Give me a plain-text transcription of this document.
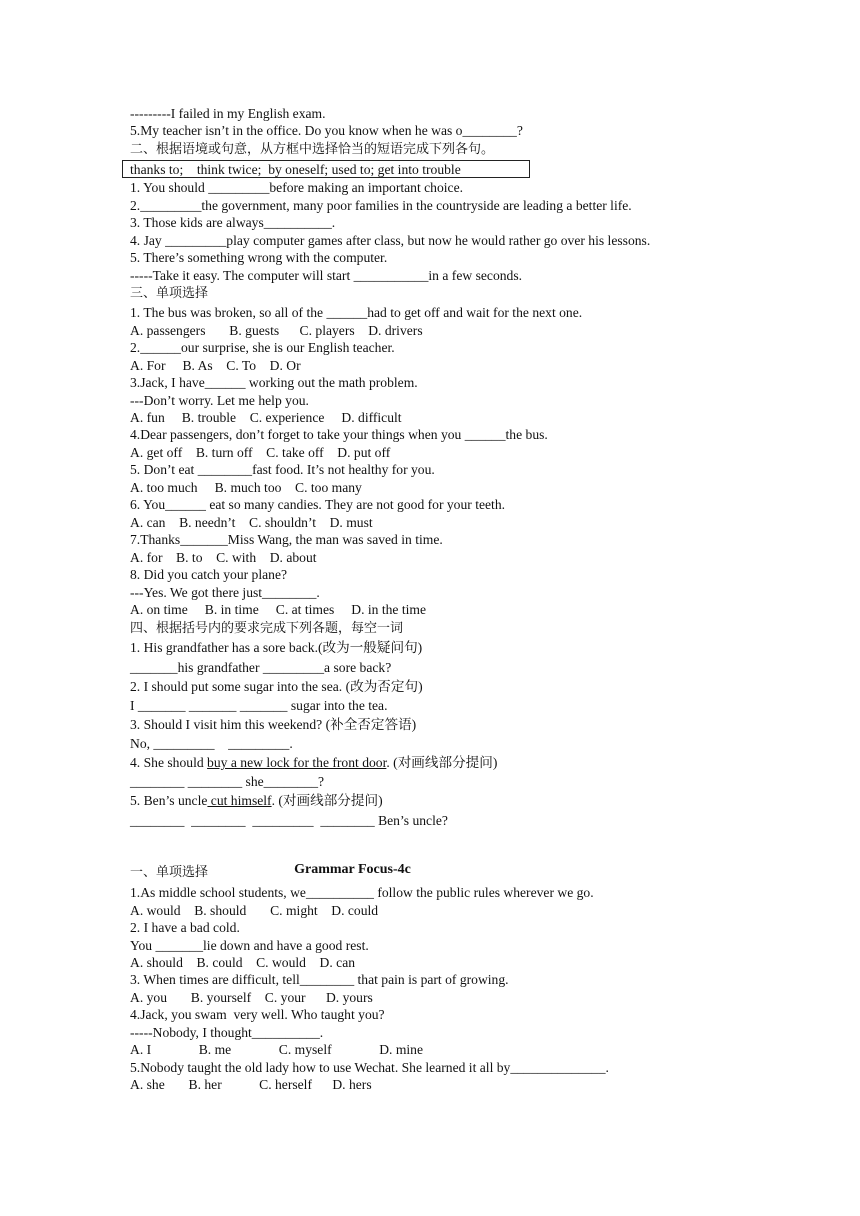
---------I failed in my English exam.

5.My teacher isn’t in the office. Do you know when he was o________?

二、根据语境或句意，从方框中选择恰当的短语完成下列各句。

thanks to;    think twice;  by oneself; used to; get into trouble

1. You should _________before making an important choice.

2._________the government, many poor families in the countryside are leading a better life.

3. Those kids are always__________.

4. Jay _________play computer games after class, but now he would rather go over his lessons.

5. There’s something wrong with the computer.

-----Take it easy. The computer will start ___________in a few seconds.

三、单项选择

1. The bus was broken, so all of the ______had to get off and wait for the next one.

A. passengers       B. guests      C. players    D. drivers

2.______our surprise, she is our English teacher.

A. For     B. As    C. To    D. Or

3.Jack, I have______ working out the math problem.

---Don’t worry. Let me help you.

A. fun     B. trouble    C. experience     D. difficult

4.Dear passengers, don’t forget to take your things when you ______the bus.

A. get off    B. turn off    C. take off    D. put off

5. Don’t eat ________fast food. It’s not healthy for you.

A. too much     B. much too    C. too many

6. You______ eat so many candies. They are not good for your teeth.

A. can    B. needn’t    C. shouldn’t    D. must

7.Thanks_______Miss Wang, the man was saved in time.

A. for    B. to    C. with    D. about

8. Did you catch your plane?

---Yes. We got there just________.

A. on time     B. in time     C. at times     D. in the time

四、根据括号内的要求完成下列各题，每空一词

1. His grandfather has a sore back.(改为一般疑问句)

_______his grandfather _________a sore back?

2. I should put some sugar into the sea. (改为否定句)

I _______ _______ _______ sugar into the tea.

3. Should I visit him this weekend? (补全否定答语)

No, _________    _________.

4. She should buy a new lock for the front door. (对画线部分提问)

________ ________ she________?

5. Ben’s uncle cut himself. (对画线部分提问)

________  ________  _________  ________ Ben’s uncle?

Grammar Focus-4c

一、单项选择

1.As middle school students, we__________ follow the public rules wherever we go.

A. would    B. should       C. might    D. could

2. I have a bad cold.

You _______lie down and have a good rest.

A. should    B. could    C. would    D. can

3. When times are difficult, tell________ that pain is part of growing.

A. you       B. yourself    C. your      D. yours

4.Jack, you swam  very well. Who taught you?

-----Nobody, I thought__________.

A. I              B. me              C. myself              D. mine

5.Nobody taught the old lady how to use Wechat. She learned it all by______________.

A. she       B. her           C. herself      D. hers
